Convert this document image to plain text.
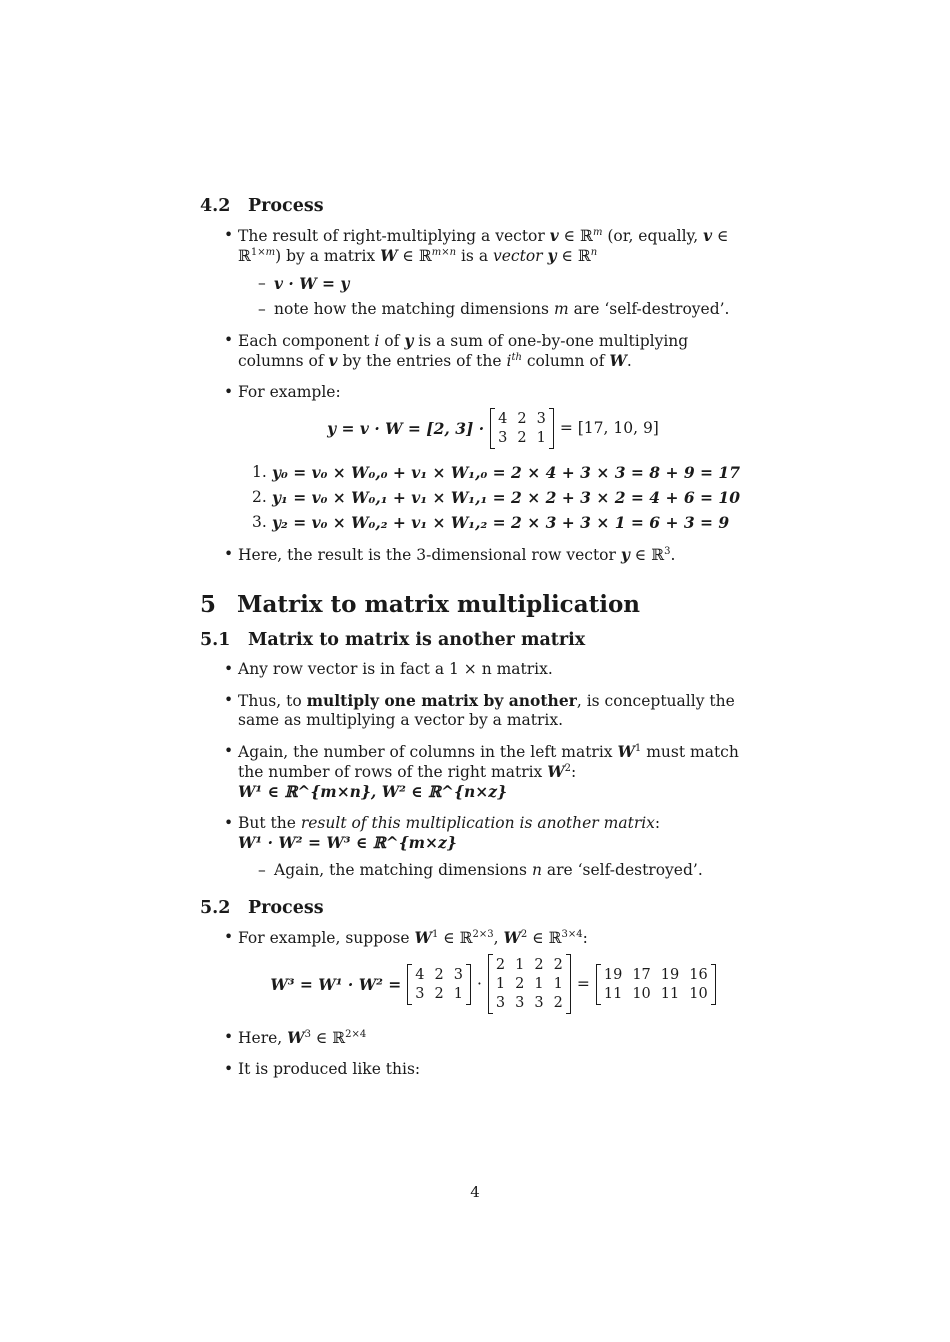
4.2 Process
• The result of right-multiplying a vector v ∈ ℝ$^m$ (or, equally, v ∈ ℝ$^{1\times m}$) by a matrix W ∈ ℝ$^{m\times n}$ is a vector y ∈ ℝ$^n$
– v · W = y
– note how the matching dimensions m are ‘self-destroyed’.
• Each component i of y is a sum of one-by-one multiplying columns of v by the entries of the $i^{th}$ column of W.
• For example:
y = v · W = [2, 3] · 4 2 3
3 2 1
= [17, 10, 9]
1. y₀ = v₀ × W₀,₀ + v₁ × W₁,₀ = 2 × 4 + 3 × 3 = 8 + 9 = 17
2. y₁ = v₀ × W₀,₁ + v₁ × W₁,₁ = 2 × 2 + 3 × 2 = 4 + 6 = 10
3. y₂ = v₀ × W₀,₂ + v₁ × W₁,₂ = 2 × 3 + 3 × 1 = 6 + 3 = 9
• Here, the result is the 3-dimensional row vector y ∈ ℝ$^3$.
5 Matrix to matrix multiplication
5.1 Matrix to matrix is another matrix
• Any row vector is in fact a 1 × n matrix.
• Thus, to multiply one matrix by another, is conceptually the same as multiplying a vector by a matrix.
• Again, the number of columns in the left matrix $W^1$ must match the number of rows of the right matrix $W^2$:
W¹ ∈ ℝ^{m×n}, W² ∈ ℝ^{n×z}
• But the result of this multiplication is another matrix:
W¹ · W² = W³ ∈ ℝ^{m×z}
– Again, the matching dimensions n are ‘self-destroyed’.
5.2 Process
• For example, suppose $W^1$ ∈ ℝ$^{2\times 3}$, $W^2$ ∈ ℝ$^{3\times 4}$:
W³ = W¹ · W² = 4 2 3
3 2 1
·
2 1 2 2
1 2 1 1
3 3 3 2
= 19 17 19 16
11 10 11 10
• Here, $W^3$ ∈ ℝ$^{2\times 4}$
• It is produced like this:
4
